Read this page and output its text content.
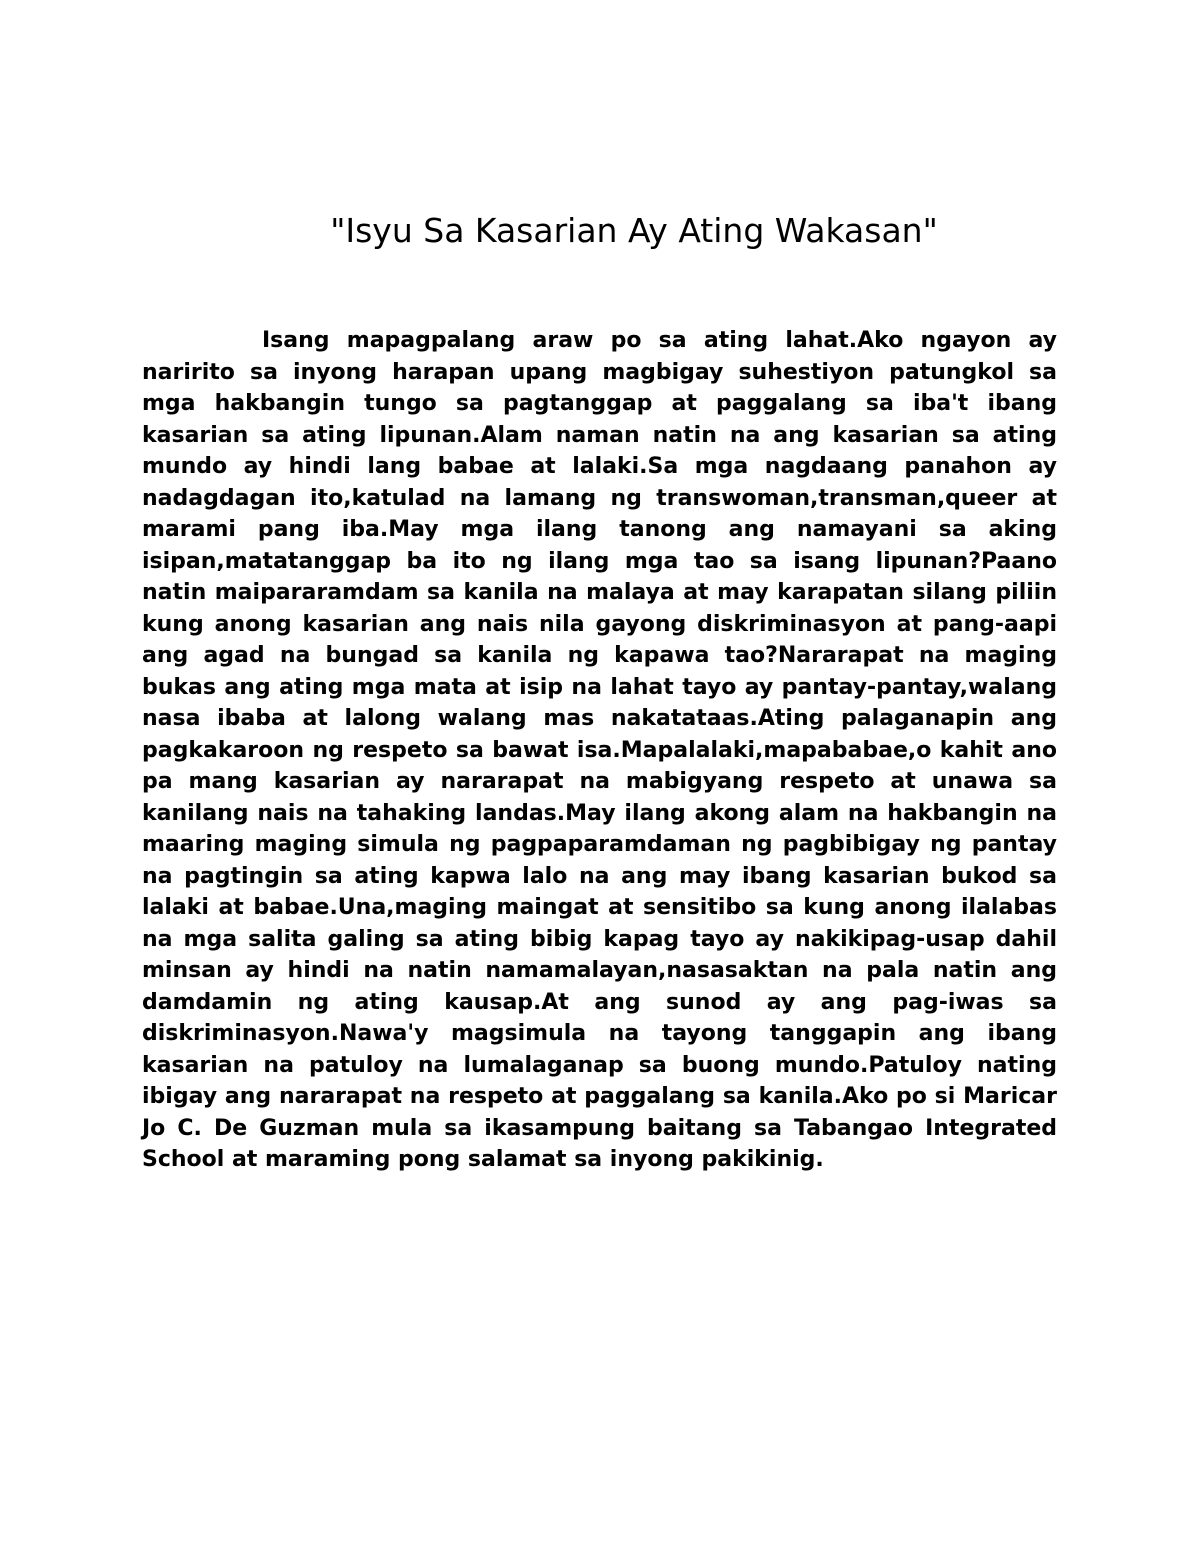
"Isyu Sa Kasarian Ay Ating Wakasan"

Isang mapagpalang araw po sa ating lahat.Ako ngayon ay naririto sa inyong harapan upang magbigay suhestiyon patungkol sa mga hakbangin tungo sa pagtanggap at paggalang sa iba't ibang kasarian sa ating lipunan.Alam naman natin na ang kasarian sa ating mundo ay hindi lang babae at lalaki.Sa mga nagdaang panahon ay nadagdagan ito,katulad na lamang ng transwoman,transman,queer at marami pang iba.May mga ilang tanong ang namayani sa aking isipan,matatanggap ba ito ng ilang mga tao sa isang lipunan?Paano natin maipararamdam sa kanila na malaya at may karapatan silang piliin kung anong kasarian ang nais nila gayong diskriminasyon at pang-aapi ang agad na bungad sa kanila ng kapawa tao?Nararapat na maging bukas ang ating mga mata at isip na lahat tayo ay pantay-pantay,walang nasa ibaba at lalong walang mas nakatataas.Ating palaganapin ang pagkakaroon ng respeto sa bawat isa.Mapalalaki,mapababae,o kahit ano pa mang kasarian ay nararapat na mabigyang respeto at unawa sa kanilang nais na tahaking landas.May ilang akong alam na hakbangin na maaring maging simula ng pagpaparamdaman ng pagbibigay ng pantay na pagtingin sa ating kapwa lalo na ang may ibang kasarian bukod sa lalaki at babae.Una,maging maingat at sensitibo sa kung anong ilalabas na mga salita galing sa ating bibig kapag tayo ay nakikipag-usap dahil minsan ay hindi na natin namamalayan,nasasaktan na pala natin ang damdamin ng ating kausap.At ang sunod ay ang pag-iwas sa diskriminasyon.Nawa'y magsimula na tayong tanggapin ang ibang kasarian na patuloy na lumalaganap sa buong mundo.Patuloy nating ibigay ang nararapat na respeto at paggalang sa kanila.Ako po si Maricar Jo C. De Guzman mula sa ikasampung baitang sa Tabangao Integrated School at maraming pong salamat sa inyong pakikinig.
